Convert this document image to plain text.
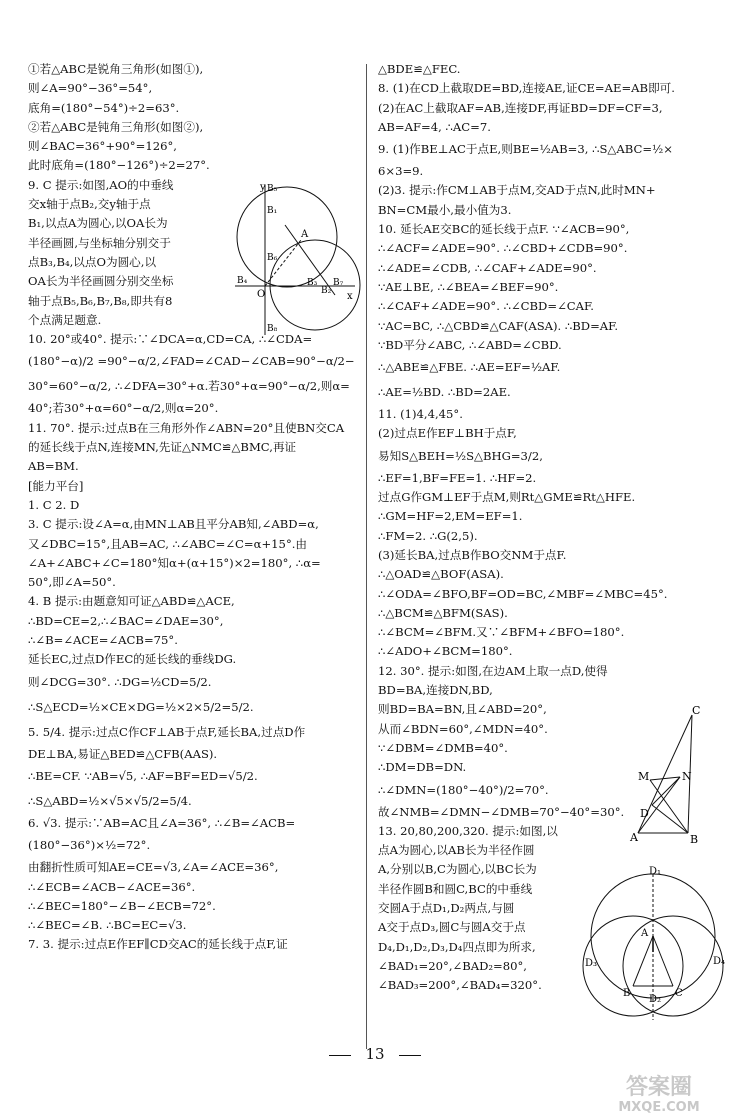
①若△ABC是锐角三角形(如图①),
则∠A=90°−36°=54°,
底角=(180°−54°)÷2=63°.
②若△ABC是钝角三角形(如图②),
则∠BAC=36°+90°=126°,
此时底角=(180°−126°)÷2=27°.
9. C 提示:如图,AO的中垂线
交x轴于点B₂,交y轴于点
B₁,以点A为圆心,以OA长为
半径画圆,与坐标轴分别交于
点B₃,B₄,以点O为圆心,以
OA长为半径画圆分别交坐标
轴于点B₅,B₆,B₇,B₈,即共有8
个点满足题意.
10. 20°或40°. 提示:∵∠DCA=α,CD=CA, ∴∠CDA=
(180°−α)/2 =90°−α/2,∠FAD=∠CAD−∠CAB=90°−α/2−
30°=60°−α/2, ∴∠DFA=30°+α.若30°+α=90°−α/2,则α=
40°;若30°+α=60°−α/2,则α=20°.
11. 70°. 提示:过点B在三角形外作∠ABN=20°且使BN交CA
的延长线于点N,连接MN,先证△NMC≌△BMC,再证
AB=BM.
[能力平台]
1. C 2. D
3. C 提示:设∠A=α,由MN⊥AB且平分AB知,∠ABD=α,
又∠DBC=15°,且AB=AC, ∴∠ABC=∠C=α+15°.由
∠A+∠ABC+∠C=180°知α+(α+15°)×2=180°, ∴α=
50°,即∠A=50°.
4. B 提示:由题意知可证△ABD≌△ACE,
∴BD=CE=2,∴∠BAC=∠DAE=30°,
∴∠B=∠ACE=∠ACB=75°.
延长EC,过点D作EC的延长线的垂线DG.
则∠DCG=30°. ∴DG=½CD=5/2.
∴S△ECD=½×CE×DG=½×2×5/2=5/2.
5. 5/4. 提示:过点C作CF⊥AB于点F,延长BA,过点D作
DE⊥BA,易证△BED≌△CFB(AAS).
∴BE=CF. ∵AB=√5, ∴AF=BF=ED=√5/2.
∴S△ABD=½×√5×√5/2=5/4.
6. √3. 提示:∵AB=AC且∠A=36°, ∴∠B=∠ACB=
(180°−36°)×½=72°.
由翻折性质可知AE=CE=√3,∠A=∠ACE=36°,
∴∠ECB=∠ACB−∠ACE=36°.
∴∠BEC=180°−∠B−∠ECB=72°.
∴∠BEC=∠B. ∴BC=EC=√3.
7. 3. 提示:过点E作EF∥CD交AC的延长线于点F,证
△BDE≌△FEC.
8. (1)在CD上截取DE=BD,连接AE,证CE=AE=AB即可.
(2)在AC上截取AF=AB,连接DF,再证BD=DF=CF=3,
AB=AF=4, ∴AC=7.
9. (1)作BE⊥AC于点E,则BE=½AB=3, ∴S△ABC=½×
6×3=9.
(2)3. 提示:作CM⊥AB于点M,交AD于点N,此时MN+
BN=CM最小,最小值为3.
10. 延长AE交BC的延长线于点F. ∵∠ACB=90°,
∴∠ACF=∠ADE=90°. ∴∠CBD+∠CDB=90°.
∴∠ADE=∠CDB, ∴∠CAF+∠ADE=90°.
∵AE⊥BE, ∴∠BEA=∠BEF=90°.
∴∠CAF+∠ADE=90°. ∴∠CBD=∠CAF.
∵AC=BC, ∴△CBD≌△CAF(ASA). ∴BD=AF.
∵BD平分∠ABC, ∴∠ABD=∠CBD.
∴△ABE≌△FBE. ∴AE=EF=½AF.
∴AE=½BD. ∴BD=2AE.
11. (1)4,4,45°.
(2)过点E作EF⊥BH于点F,
易知S△BEH=½S△BHG=3/2,
∴EF=1,BF=FE=1. ∴HF=2.
过点G作GM⊥EF于点M,则Rt△GME≌Rt△HFE.
∴GM=HF=2,EM=EF=1.
∴FM=2. ∴G(2,5).
(3)延长BA,过点B作BO交NM于点F.
∴△OAD≌△BOF(ASA).
∴∠ODA=∠BFO,BF=OD=BC,∠MBF=∠MBC=45°.
∴△BCM≌△BFM(SAS).
∴∠BCM=∠BFM.又∵∠BFM+∠BFO=180°.
∴∠ADO+∠BCM=180°.
12. 30°. 提示:如图,在边AM上取一点D,使得
BD=BA,连接DN,BD,
则BD=BA=BN,且∠ABD=20°,
从而∠BDN=60°,∠MDN=40°.
∵∠DBM=∠DMB=40°.
∴DM=DB=DN.
∴∠DMN=(180°−40°)/2=70°.
故∠NMB=∠DMN−∠DMB=70°−40°=30°.
13. 20,80,200,320. 提示:如图,以
点A为圆心,以AB长为半径作圆
A,分别以B,C为圆心,以BC长为
半径作圆B和圆C,BC的中垂线
交圆A于点D₁,D₂两点,与圆
A交于点D₃,圆C与圆A交于点
D₄,D₁,D₂,D₃,D₄四点即为所求,
∠BAD₁=20°,∠BAD₂=80°,
∠BAD₃=200°,∠BAD₄=320°.
y
x
O
A
B₁
B₂
B₃
B₄
B₅
B₆
B₇
B₈
C
M	N
D
A	B
D₁
A
D₃	D₄
B	C
D₂
13
答案圈
MXQE.COM
